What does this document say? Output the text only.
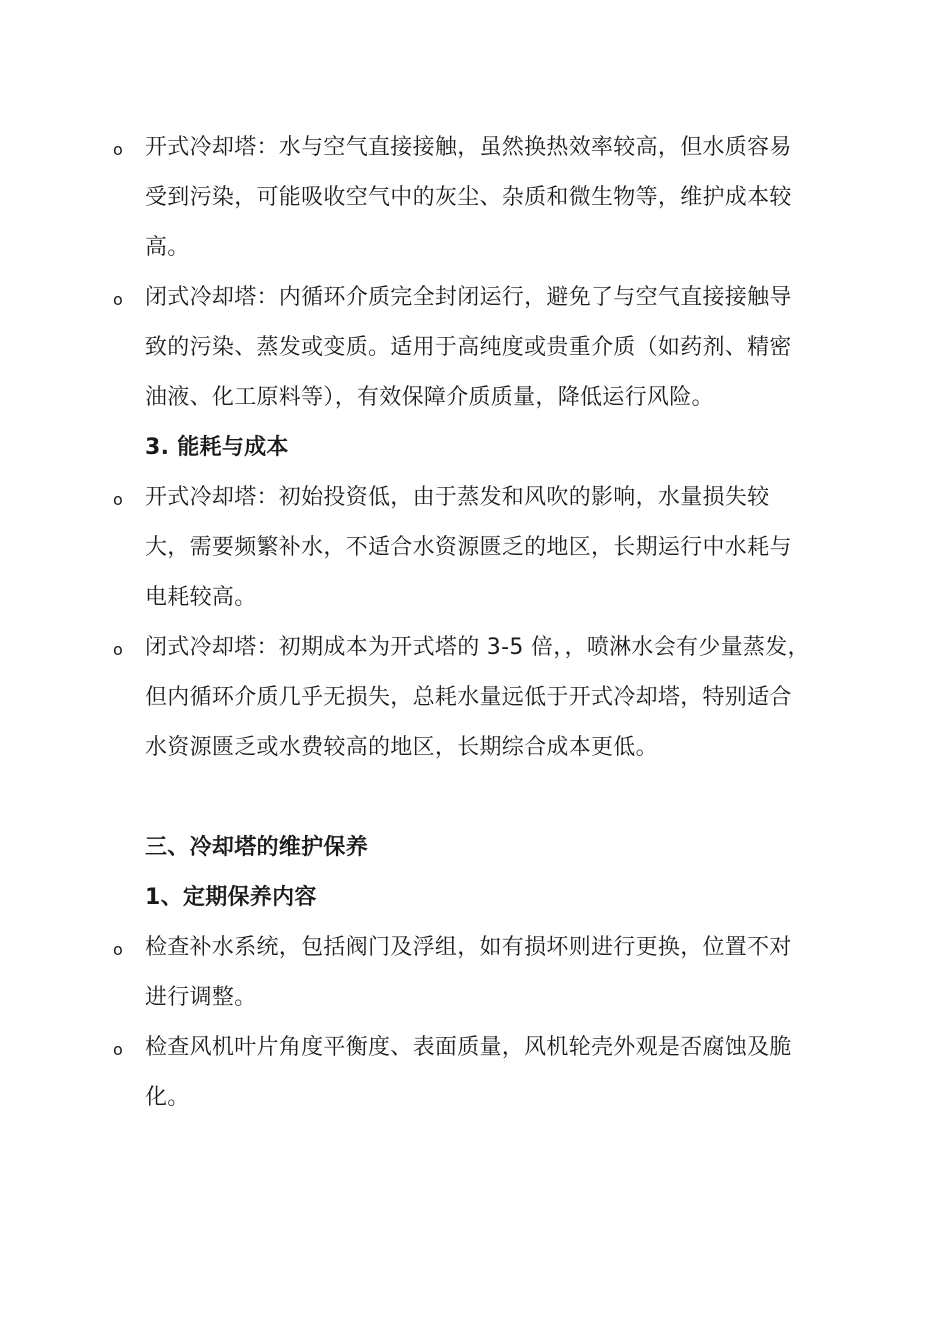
o 开式冷却塔：水与空气直接接触，虽然换热效率较高，但水质容易受到污染，可能吸收空气中的灰尘、杂质和微生物等，维护成本较高。
o 闭式冷却塔：内循环介质完全封闭运行，避免了与空气直接接触导致的污染、蒸发或变质。适用于高纯度或贵重介质（如药剂、精密油液、化工原料等），有效保障介质质量，降低运行风险。
3. 能耗与成本
o 开式冷却塔：初始投资低，由于蒸发和风吹的影响，水量损失较大，需要频繁补水，不适合水资源匮乏的地区，长期运行中水耗与电耗较高。
o 闭式冷却塔：初期成本为开式塔的 3-5 倍，，喷淋水会有少量蒸发，但内循环介质几乎无损失，总耗水量远低于开式冷却塔，特别适合水资源匮乏或水费较高的地区，长期综合成本更低。
三、冷却塔的维护保养
1、定期保养内容
o 检查补水系统，包括阀门及浮组，如有损坏则进行更换，位置不对进行调整。
o 检查风机叶片角度平衡度、表面质量，风机轮壳外观是否腐蚀及脆化。
